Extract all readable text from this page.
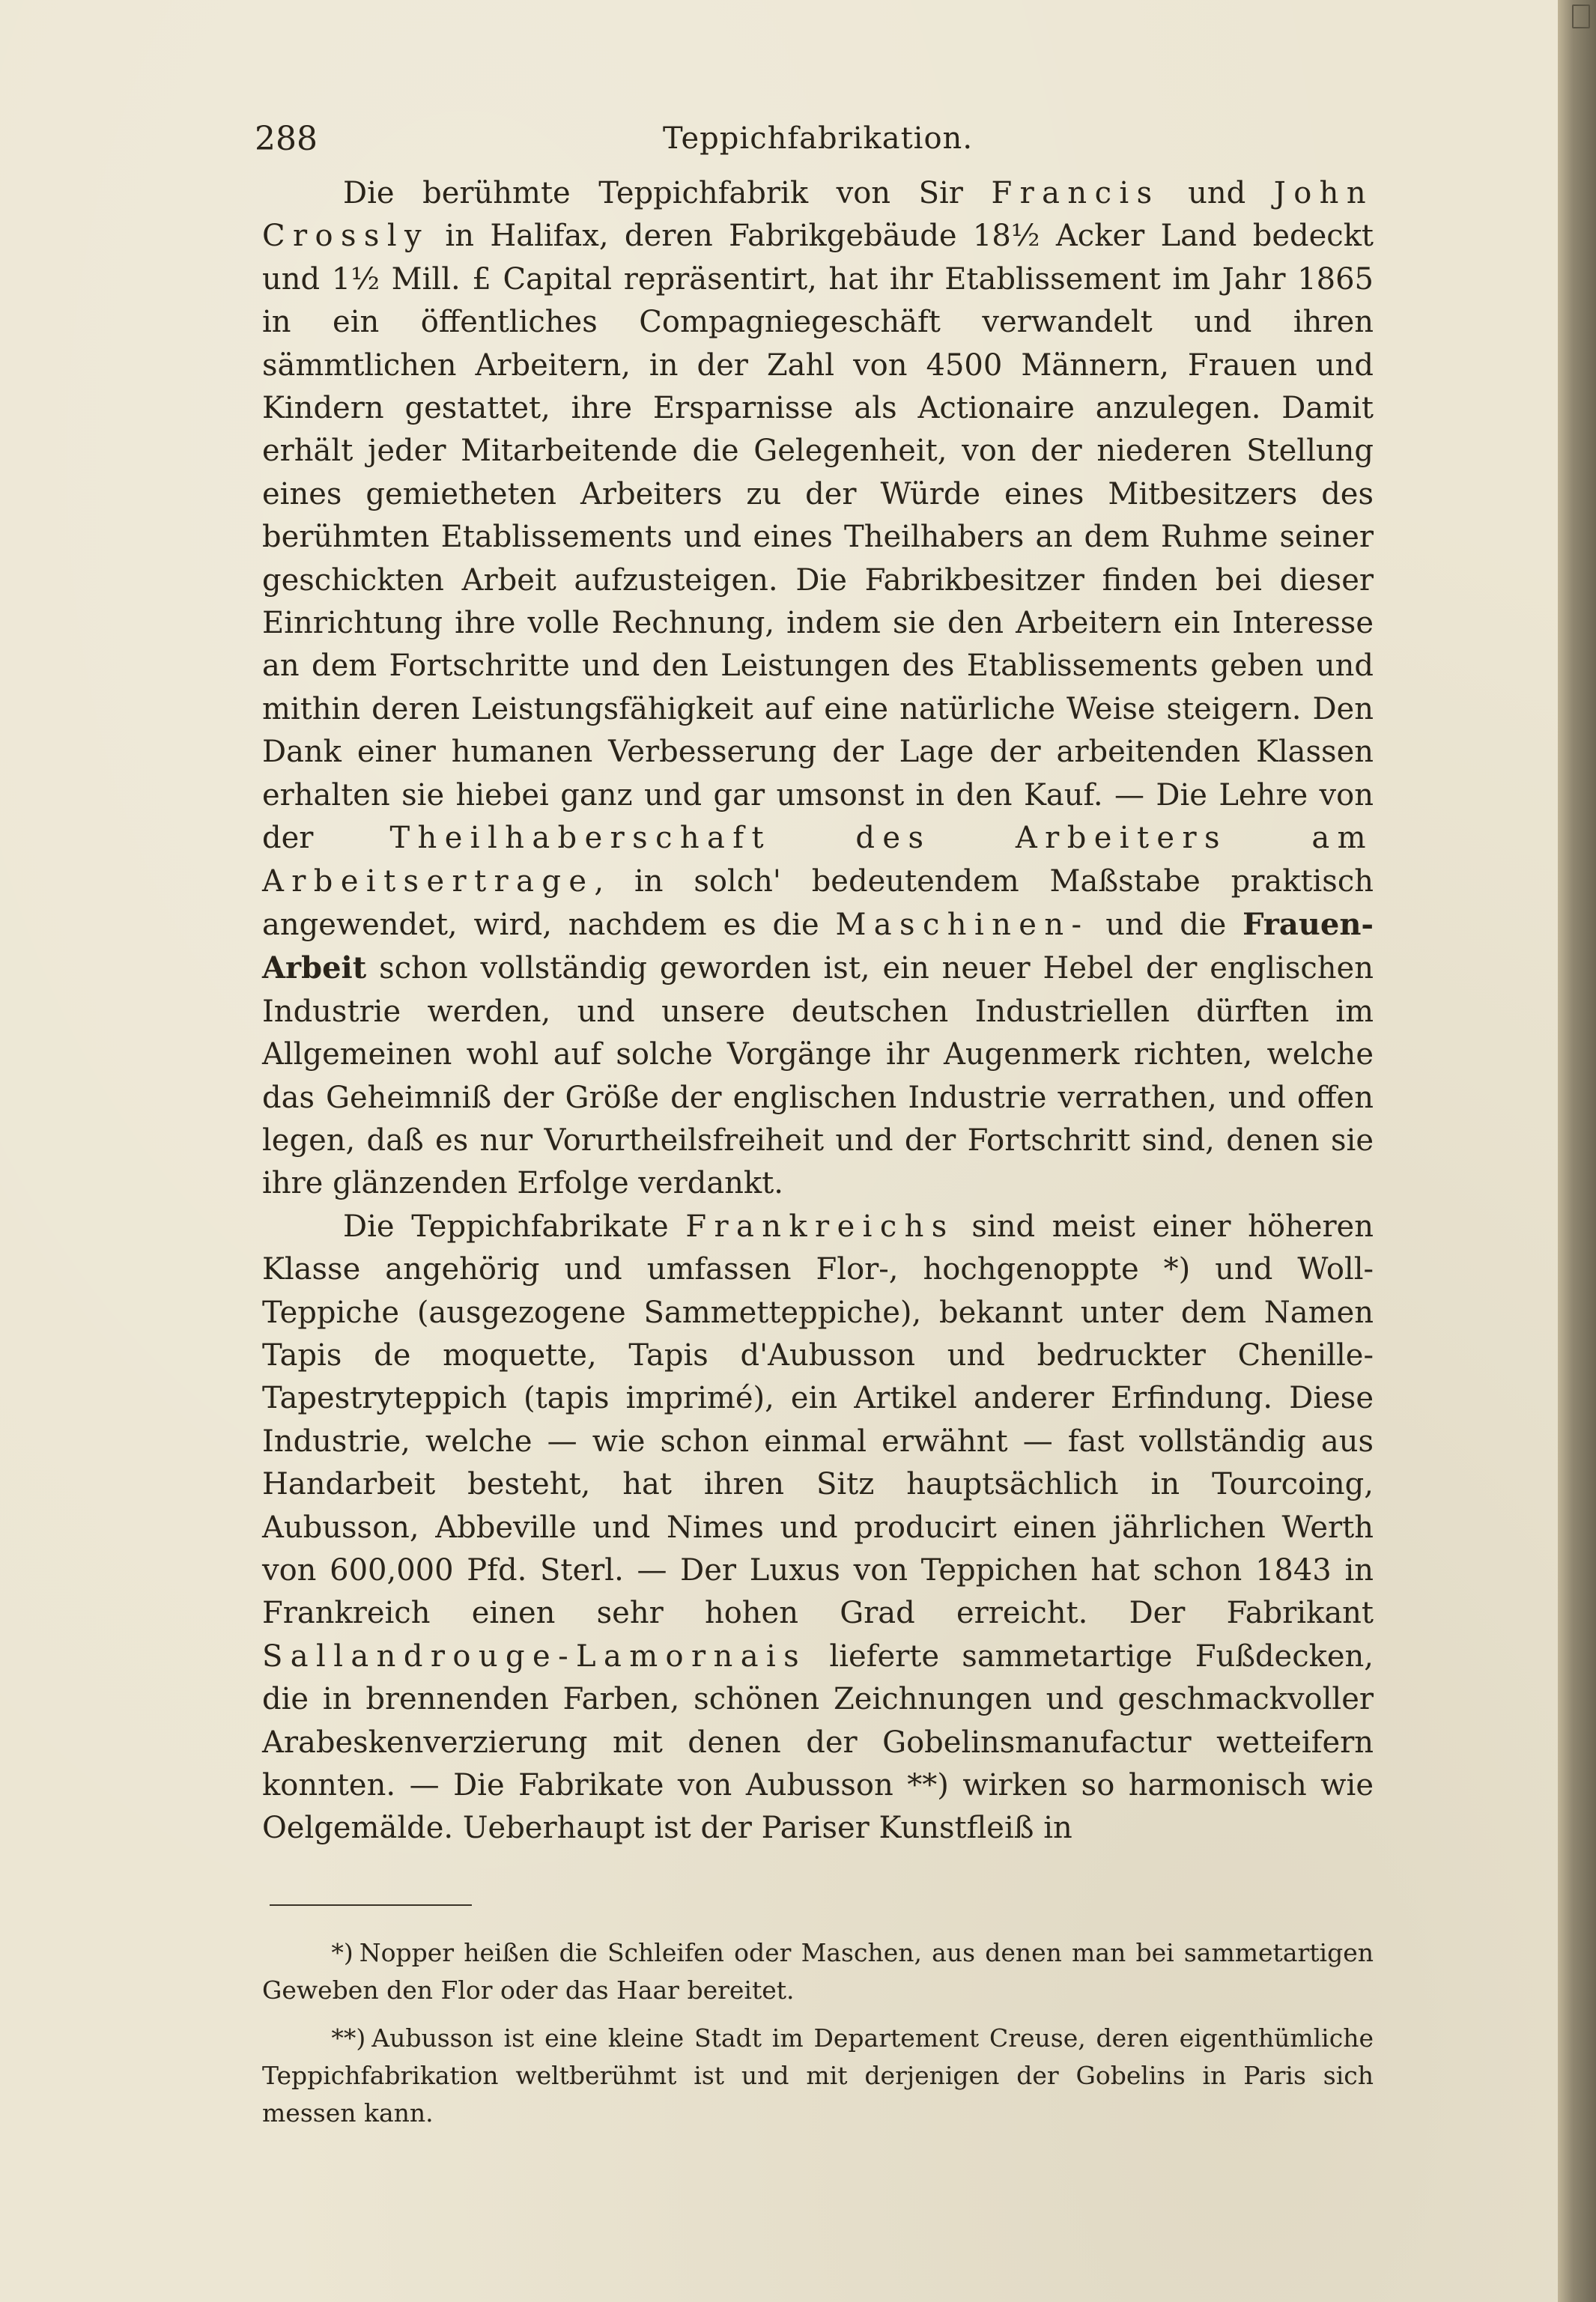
288	Teppichfabrikation.

Die berühmte Teppichfabrik von Sir Francis und John Crossly in Halifax, deren Fabrikgebäude 18½ Acker Land bedeckt und 1½ Mill. £ Capital repräsentirt, hat ihr Etablissement im Jahr 1865 in ein öffentliches Compagniegeschäft verwandelt und ihren sämmtlichen Arbeitern, in der Zahl von 4500 Männern, Frauen und Kindern gestattet, ihre Ersparnisse als Actionaire anzulegen. Damit erhält jeder Mitarbeitende die Gelegenheit, von der niederen Stellung eines gemietheten Arbeiters zu der Würde eines Mitbesitzers des berühmten Etablissements und eines Theilhabers an dem Ruhme seiner geschickten Arbeit aufzusteigen. Die Fabrikbesitzer finden bei dieser Einrichtung ihre volle Rechnung, indem sie den Arbeitern ein Interesse an dem Fortschritte und den Leistungen des Etablissements geben und mithin deren Leistungsfähigkeit auf eine natürliche Weise steigern. Den Dank einer humanen Verbesserung der Lage der arbeitenden Klassen erhalten sie hiebei ganz und gar umsonst in den Kauf. — Die Lehre von der Theilhaberschaft des Arbeiters am Arbeitsertrage, in solch' bedeutendem Maßstabe praktisch angewendet, wird, nachdem es die Maschinen- und die Frauen-Arbeit schon vollständig geworden ist, ein neuer Hebel der englischen Industrie werden, und unsere deutschen Industriellen dürften im Allgemeinen wohl auf solche Vorgänge ihr Augenmerk richten, welche das Geheimniß der Größe der englischen Industrie verrathen, und offen legen, daß es nur Vorurtheilsfreiheit und der Fortschritt sind, denen sie ihre glänzenden Erfolge verdankt.

Die Teppichfabrikate Frankreichs sind meist einer höheren Klasse angehörig und umfassen Flor-, hochgenoppte *) und Woll-Teppiche (ausgezogene Sammetteppiche), bekannt unter dem Namen Tapis de moquette, Tapis d'Aubusson und bedruckter Chenille-Tapestryteppich (tapis imprimé), ein Artikel anderer Erfindung. Diese Industrie, welche — wie schon einmal erwähnt — fast vollständig aus Handarbeit besteht, hat ihren Sitz hauptsächlich in Tourcoing, Aubusson, Abbeville und Nimes und producirt einen jährlichen Werth von 600,000 Pfd. Sterl. — Der Luxus von Teppichen hat schon 1843 in Frankreich einen sehr hohen Grad erreicht. Der Fabrikant Sallandrouge-Lamornais lieferte sammetartige Fußdecken, die in brennenden Farben, schönen Zeichnungen und geschmackvoller Arabeskenverzierung mit denen der Gobelinsmanufactur wetteifern konnten. — Die Fabrikate von Aubusson **) wirken so harmonisch wie Oelgemälde. Ueberhaupt ist der Pariser Kunstfleiß in

*) Nopper heißen die Schleifen oder Maschen, aus denen man bei sammetartigen Geweben den Flor oder das Haar bereitet.

**) Aubusson ist eine kleine Stadt im Departement Creuse, deren eigenthümliche Teppichfabrikation weltberühmt ist und mit derjenigen der Gobelins in Paris sich messen kann.
